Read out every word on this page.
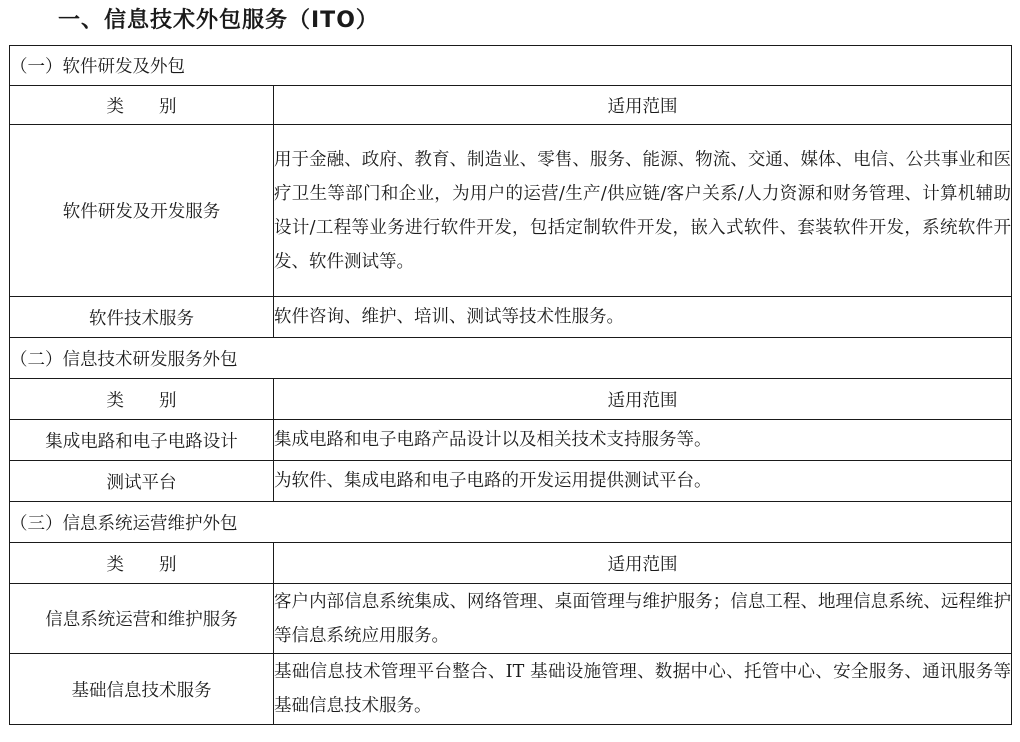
一、信息技术外包服务（ITO）
（一）软件研发及外包	
类　　别	适用范围
软件研发及开发服务	用于金融、政府、教育、制造业、零售、服务、能源、物流、交通、媒体、电信、公共事业和医疗卫生等部门和企业，为用户的运营/生产/供应链/客户关系/人力资源和财务管理、计算机辅助设计/工程等业务进行软件开发，包括定制软件开发，嵌入式软件、套装软件开发，系统软件开发、软件测试等。
软件技术服务	软件咨询、维护、培训、测试等技术性服务。
（二）信息技术研发服务外包	
类　　别	适用范围
集成电路和电子电路设计	集成电路和电子电路产品设计以及相关技术支持服务等。
测试平台	为软件、集成电路和电子电路的开发运用提供测试平台。
（三）信息系统运营维护外包	
类　　别	适用范围
信息系统运营和维护服务	客户内部信息系统集成、网络管理、桌面管理与维护服务；信息工程、地理信息系统、远程维护等信息系统应用服务。
基础信息技术服务	基础信息技术管理平台整合、IT 基础设施管理、数据中心、托管中心、安全服务、通讯服务等基础信息技术服务。
